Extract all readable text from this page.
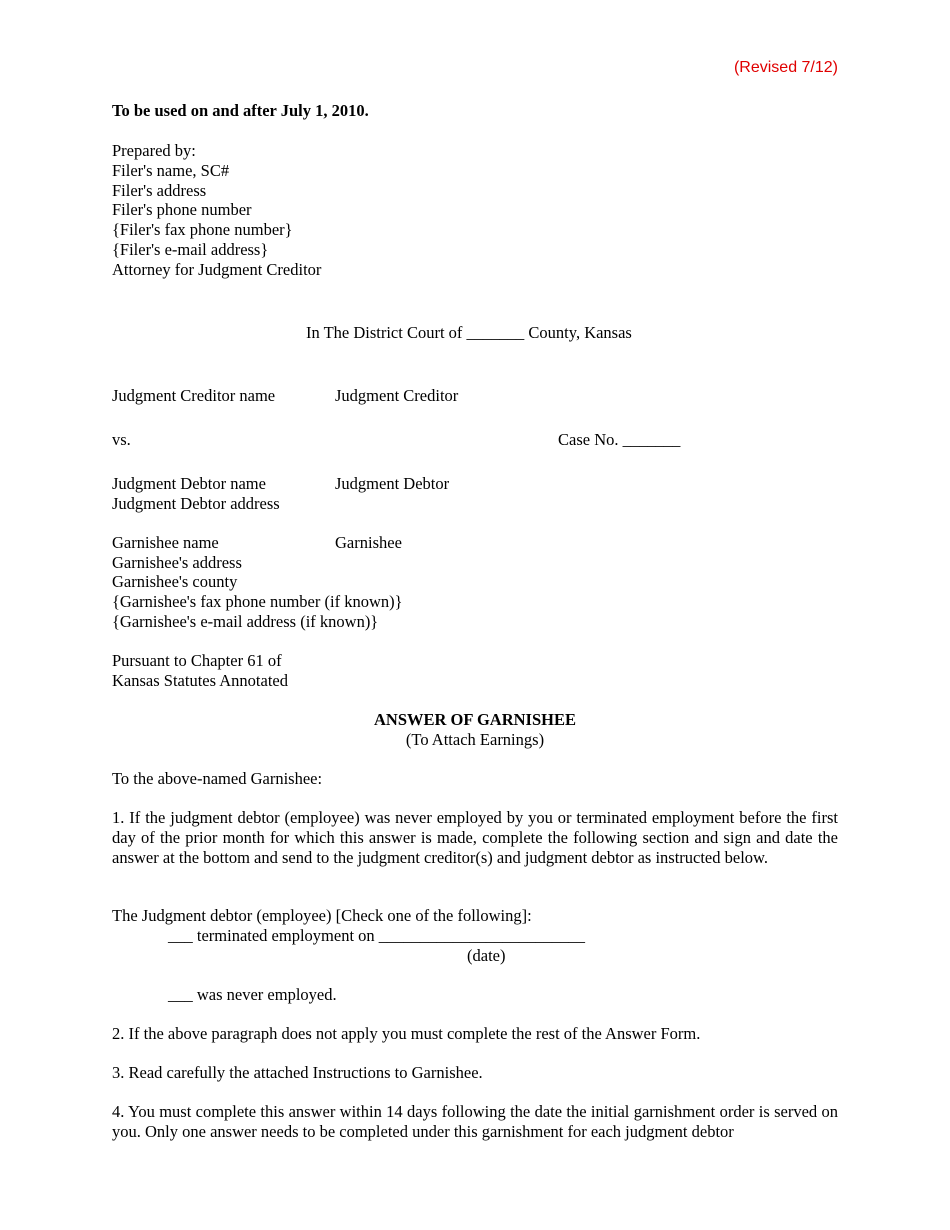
(Revised 7/12)
To be used on and after July 1, 2010.
Prepared by:
Filer's name, SC#
Filer's address
Filer's phone number
{Filer's fax phone number}
{Filer's e-mail address}
Attorney for Judgment Creditor
In The District Court of _______ County, Kansas
Judgment Creditor name	Judgment Creditor
vs.	Case No. _______
Judgment Debtor name	Judgment Debtor
Judgment Debtor address
Garnishee name	Garnishee
Garnishee's address
Garnishee's county
{Garnishee's fax phone number (if known)}
{Garnishee's e-mail address (if known)}
Pursuant to Chapter 61 of
Kansas Statutes Annotated
ANSWER OF GARNISHEE
(To Attach Earnings)
To the above-named Garnishee:
1. If the judgment debtor (employee) was never employed by you or terminated employment before the first day of the prior month for which this answer is made, complete the following section and sign and date the answer at the bottom and send to the judgment creditor(s) and judgment debtor as instructed below.
The Judgment debtor (employee) [Check one of the following]:
___ terminated employment on _________________________
(date)
___ was never employed.
2. If the above paragraph does not apply you must complete the rest of the Answer Form.
3. Read carefully the attached Instructions to Garnishee.
4. You must complete this answer within 14 days following the date the initial garnishment order is served on you. Only one answer needs to be completed under this garnishment for each judgment debtor
